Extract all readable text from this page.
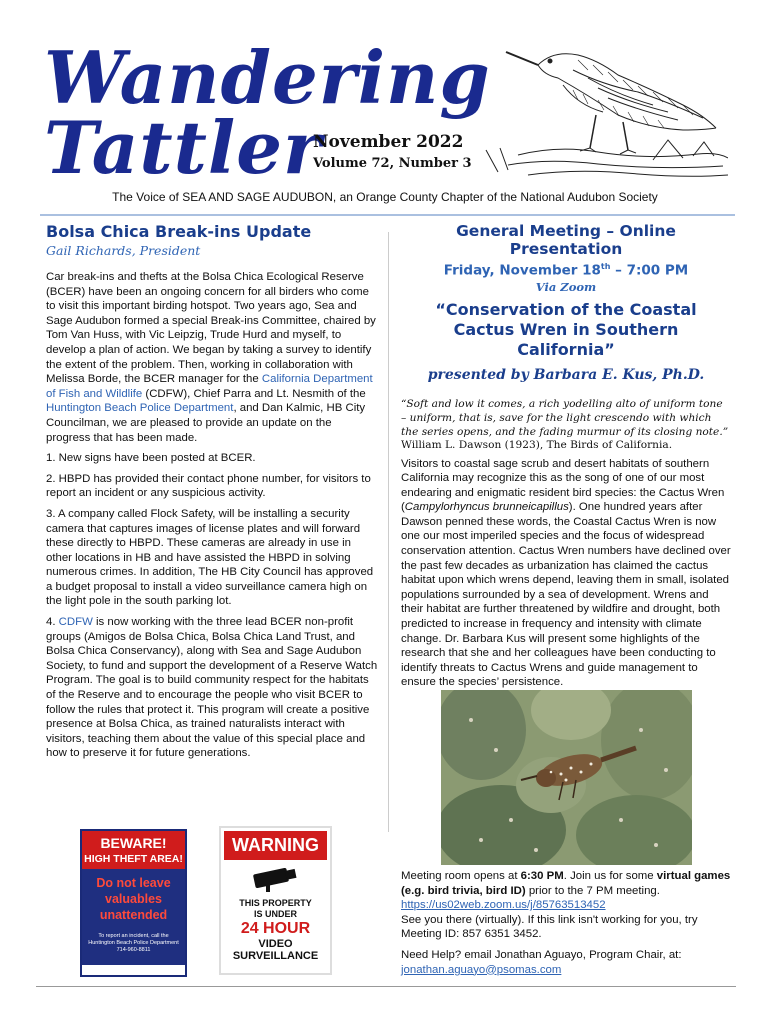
Wandering
Tattler
November 2022
Volume 72, Number 3
The Voice of SEA AND SAGE AUDUBON, an Orange County Chapter of the National Audubon Society
Bolsa Chica Break-ins Update
Gail Richards, President

Car break-ins and thefts at the Bolsa Chica Ecological Reserve (BCER) have been an ongoing concern for all birders who come to visit this important birding hotspot. Two years ago, Sea and Sage Audubon formed a special Break-ins Committee, chaired by Tom Van Huss, with Vic Leipzig, Trude Hurd and myself, to develop a plan of action. We began by taking a survey to identify the extent of the problem. Then, working in collaboration with Melissa Borde, the BCER manager for the California Department of Fish and Wildlife (CDFW), Chief Parra and Lt. Nesmith of the Huntington Beach Police Department, and Dan Kalmic, HB City Councilman, we are pleased to provide an update on the progress that has been made.

1. New signs have been posted at BCER.

2. HBPD has provided their contact phone number, for visitors to report an incident or any suspicious activity.

3. A company called Flock Safety, will be installing a security camera that captures images of license plates and will forward these directly to HBPD. These cameras are already in use in other locations in HB and have assisted the HBPD in solving numerous crimes. In addition, The HB City Council has approved a budget proposal to install a video surveillance camera high on the light pole in the south parking lot.

4. CDFW is now working with the three lead BCER non-profit groups (Amigos de Bolsa Chica, Bolsa Chica Land Trust, and Bolsa Chica Conservancy), along with Sea and Sage Audubon Society, to fund and support the development of a Reserve Watch Program. The goal is to build community respect for the habitats of the Reserve and to encourage the people who visit BCER to follow the rules that protect it. This program will create a positive presence at Bolsa Chica, as trained naturalists interact with visitors, teaching them about the value of this special place and how to preserve it for future generations.

BEWARE!
HIGH THEFT AREA!
Do not leave
valuables
unattended
To report an incident, call the Huntington Beach Police Department 714-960-8811
WARNING
THIS PROPERTY
IS UNDER
24 HOUR
VIDEO
SURVEILLANCE
General Meeting – Online Presentation
Friday, November 18th – 7:00 PM
Via Zoom
“Conservation of the Coastal Cactus Wren in Southern California”
presented by Barbara E. Kus, Ph.D.
“Soft and low it comes, a rich yodelling alto of uniform tone – uniform, that is, save for the light crescendo with which the series opens, and the fading murmur of its closing note.”
William L. Dawson (1923), The Birds of California.
Visitors to coastal sage scrub and desert habitats of southern California may recognize this as the song of one of our most endearing and enigmatic resident bird species: the Cactus Wren (Campylorhyncus brunneicapillus). One hundred years after Dawson penned these words, the Coastal Cactus Wren is now one our most imperiled species and the focus of widespread conservation attention. Cactus Wren numbers have declined over the past few decades as urbanization has claimed the cactus habitat upon which wrens depend, leaving them in small, isolated populations surrounded by a sea of development. Wrens and their habitat are further threatened by wildfire and drought, both predicted to increase in frequency and intensity with climate change. Dr. Barbara Kus will present some highlights of the research that she and her colleagues have been conducting to identify threats to Cactus Wrens and guide management to ensure the species’ persistence.
Meeting room opens at 6:30 PM. Join us for some virtual games (e.g. bird trivia, bird ID) prior to the 7 PM meeting.
https://us02web.zoom.us/j/85763513452
See you there (virtually). If this link isn't working for you, try Meeting ID: 857 6351 3452.
Need Help? email Jonathan Aguayo, Program Chair, at:
jonathan.aguayo@psomas.com
